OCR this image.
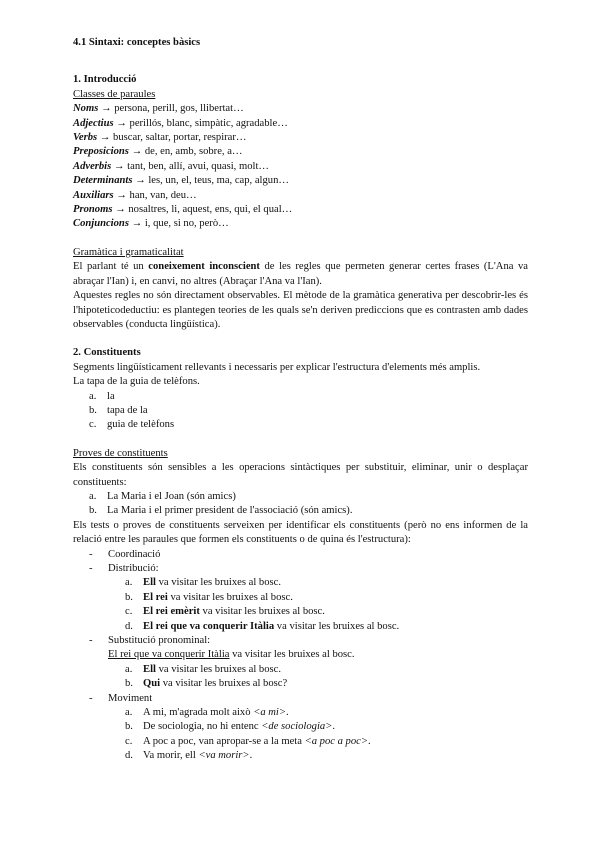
4.1 Sintaxi: conceptes bàsics
1. Introducció
Classes de paraules
Noms → persona, perill, gos, llibertat…
Adjectius → perillós, blanc, simpàtic, agradable…
Verbs → buscar, saltar, portar, respirar…
Preposicions → de, en, amb, sobre, a…
Adverbis → tant, ben, allí, avui, quasi, molt…
Determinants → les, un, el, teus, ma, cap, algun…
Auxiliars → han, van, deu…
Pronoms → nosaltres, li, aquest, ens, qui, el qual…
Conjuncions → i, que, si no, però…
Gramàtica i gramaticalitat
El parlant té un coneixement inconscient de les regles que permeten generar certes frases (L'Ana va abraçar l'Ian) i, en canvi, no altres (Abraçar l'Ana va l'Ian).
Aquestes regles no són directament observables. El mètode de la gramàtica generativa per descobrir-les és l'hipoteticodeductiu: es plantegen teories de les quals se'n deriven prediccions que es contrasten amb dades observables (conducta lingüística).
2. Constituents
Segments lingüísticament rellevants i necessaris per explicar l'estructura d'elements més amplis.
La tapa de la guia de telèfons.
a. la
b. tapa de la
c. guia de telèfons
Proves de constituents
Els constituents són sensibles a les operacions sintàctiques per substituir, eliminar, unir o desplaçar constituents:
a. La Maria i el Joan (són amics)
b. La Maria i el primer president de l'associació (són amics).
Els tests o proves de constituents serveixen per identificar els constituents (però no ens informen de la relació entre les paraules que formen els constituents o de quina és l'estructura):
- Coordinació
- Distribució:
a. Ell va visitar les bruixes al bosc.
b. El rei va visitar les bruixes al bosc.
c. El rei emèrit va visitar les bruixes al bosc.
d. El rei que va conquerir Itàlia va visitar les bruixes al bosc.
- Substitució pronominal:
El rei que va conquerir Itàlia va visitar les bruixes al bosc.
a. Ell va visitar les bruixes al bosc.
b. Qui va visitar les bruixes al bosc?
- Moviment
a. A mi, m'agrada molt això <a mi>.
b. De sociologia, no hi entenc <de sociologia>.
c. A poc a poc, van apropar-se a la meta <a poc a poc>.
d. Va morir, ell <va morir>.
